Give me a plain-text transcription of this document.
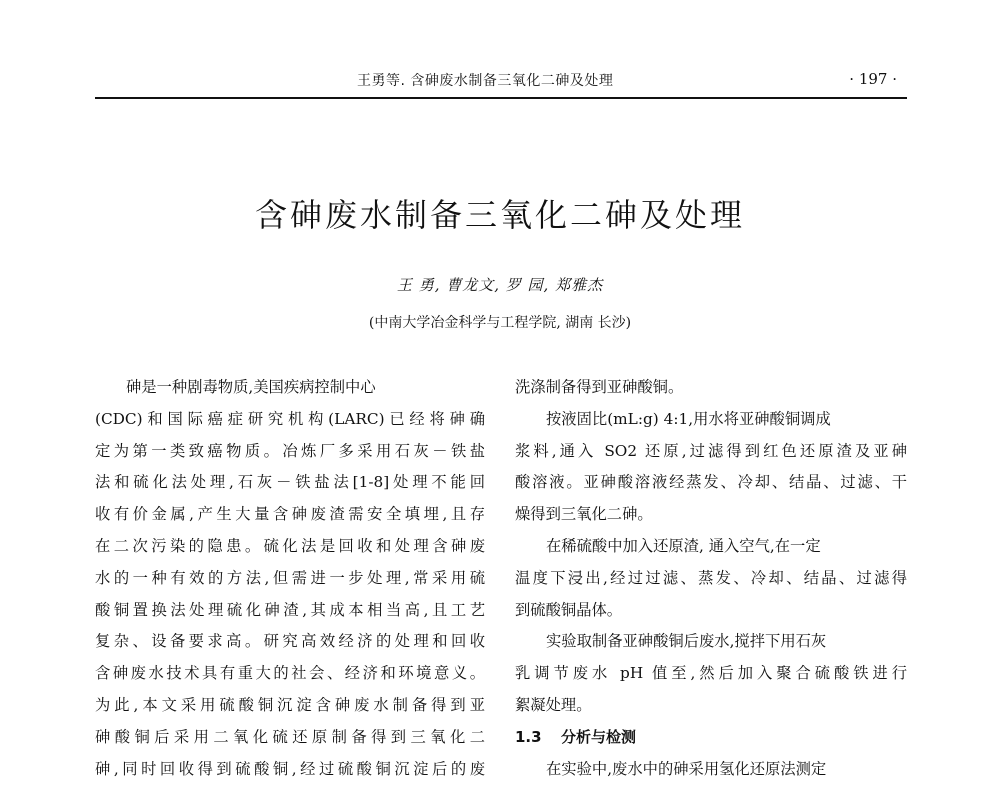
王勇等. 含砷废水制备三氧化二砷及处理	· 197 ·
含砷废水制备三氧化二砷及处理
王 勇, 曹龙文, 罗 园, 郑雅杰
(中南大学冶金科学与工程学院, 湖南 长沙)
砷是一种剧毒物质,美国疾病控制中心
(CDC)和国际癌症研究机构(LARC)已经将砷确
定为第一类致癌物质。冶炼厂多采用石灰－铁盐
法和硫化法处理,石灰－铁盐法[1-8]处理不能回
收有价金属,产生大量含砷废渣需安全填埋,且存
在二次污染的隐患。硫化法是回收和处理含砷废
水的一种有效的方法,但需进一步处理,常采用硫
酸铜置换法处理硫化砷渣,其成本相当高,且工艺
复杂、设备要求高。研究高效经济的处理和回收
含砷废水技术具有重大的社会、经济和环境意义。
为此,本文采用硫酸铜沉淀含砷废水制备得到亚
砷酸铜后采用二氧化硫还原制备得到三氧化二
砷,同时回收得到硫酸铜,经过硫酸铜沉淀后的废
洗涤制备得到亚砷酸铜。
按液固比(mL:g) 4:1,用水将亚砷酸铜调成
浆料,通入 SO2 还原,过滤得到红色还原渣及亚砷
酸溶液。亚砷酸溶液经蒸发、冷却、结晶、过滤、干
燥得到三氧化二砷。
在稀硫酸中加入还原渣, 通入空气,在一定
温度下浸出,经过过滤、蒸发、冷却、结晶、过滤得
到硫酸铜晶体。
实验取制备亚砷酸铜后废水,搅拌下用石灰
乳调节废水 pH 值至,然后加入聚合硫酸铁进行
絮凝处理。
1.3 分析与检测
在实验中,废水中的砷采用氢化还原法测定
